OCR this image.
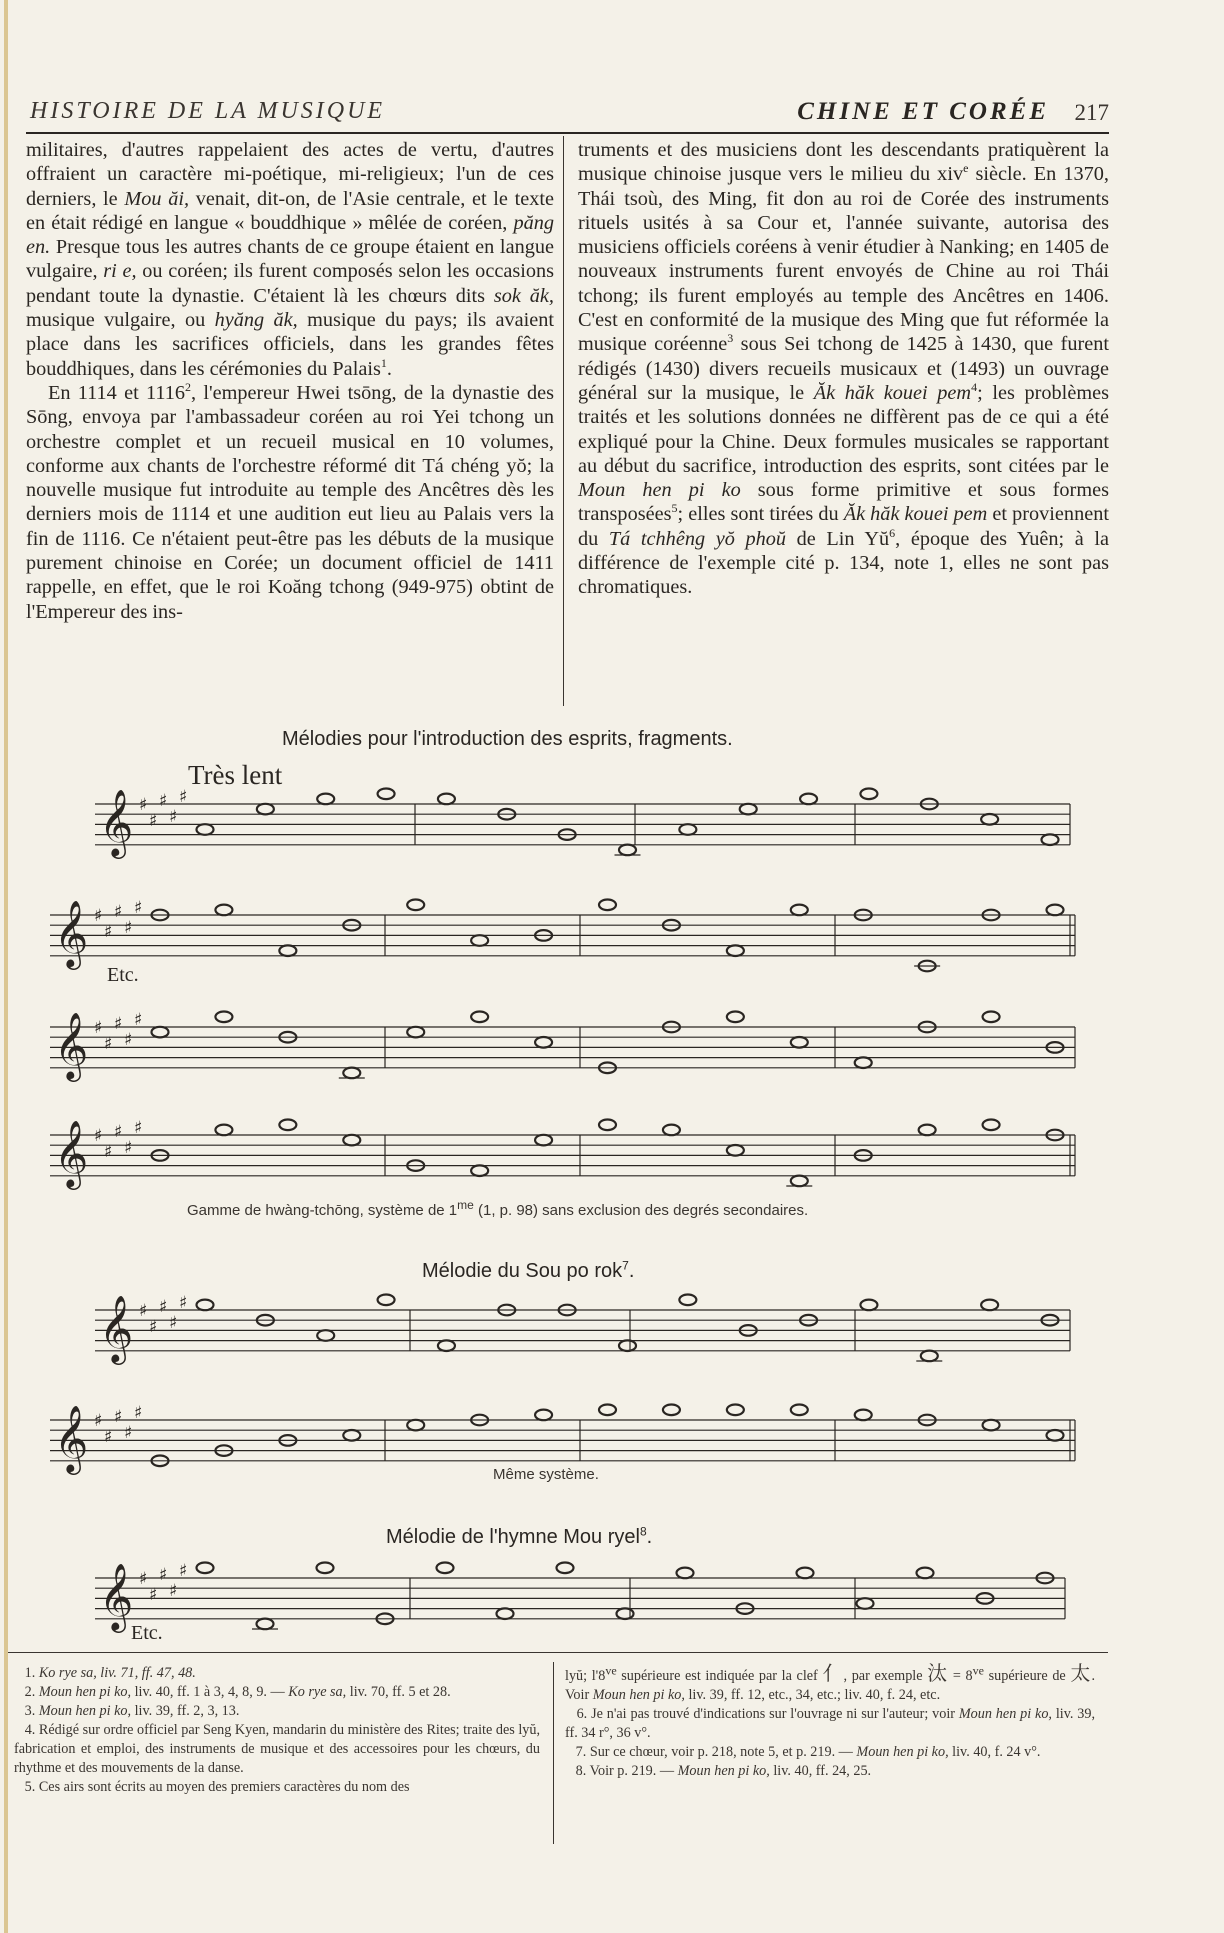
HISTOIRE DE LA MUSIQUE	CHINE ET CORÉE 217

militaires, d'autres rappelaient des actes de vertu, d'autres offraient un caractère mi-poétique, mi-religieux; l'un de ces derniers, le Mou ăi, venait, dit-on, de l'Asie centrale, et le texte en était rédigé en langue « bouddhique » mêlée de coréen, păng en. Presque tous les autres chants de ce groupe étaient en langue vulgaire, ri e, ou coréen; ils furent composés selon les occasions pendant toute la dynastie. C'étaient là les chœurs dits sok ăk, musique vulgaire, ou hyăng ăk, musique du pays; ils avaient place dans les sacrifices officiels, dans les grandes fêtes bouddhiques, dans les cérémonies du Palais$^1$.

En 1114 et 1116$^2$, l'empereur Hwei tsōng, de la dynastie des Sōng, envoya par l'ambassadeur coréen au roi Yei tchong un orchestre complet et un recueil musical en 10 volumes, conforme aux chants de l'orchestre réformé dit Tá chéng yŏ; la nouvelle musique fut introduite au temple des Ancêtres dès les derniers mois de 1114 et une audition eut lieu au Palais vers la fin de 1116. Ce n'étaient peut-être pas les débuts de la musique purement chinoise en Corée; un document officiel de 1411 rappelle, en effet, que le roi Koăng tchong (949-975) obtint de l'Empereur des ins-

truments et des musiciens dont les descendants pratiquèrent la musique chinoise jusque vers le milieu du xiv$^e$ siècle. En 1370, Thái tsoù, des Ming, fit don au roi de Corée des instruments rituels usités à sa Cour et, l'année suivante, autorisa des musiciens officiels coréens à venir étudier à Nanking; en 1405 de nouveaux instruments furent envoyés de Chine au roi Thái tchong; ils furent employés au temple des Ancêtres en 1406. C'est en conformité de la musique des Ming que fut réformée la musique coréenne$^3$ sous Sei tchong de 1425 à 1430, que furent rédigés (1430) divers recueils musicaux et (1493) un ouvrage général sur la musique, le Ăk hăk kouei pem$^4$; les problèmes traités et les solutions données ne diffèrent pas de ce qui a été expliqué pour la Chine. Deux formules musicales se rapportant au début du sacrifice, introduction des esprits, sont citées par le Moun hen pi ko sous forme primitive et sous formes transposées$^5$; elles sont tirées du Ăk hăk kouei pem et proviennent du Tá tchhêng yŏ phoŭ de Lin $Yŭ^6$, époque des Yuên; à la différence de l'exemple cité p. 134, note 1, elles ne sont pas chromatiques.

Mélodies pour l'introduction des esprits, fragments.
Très lent
Etc.
Gamme de hwàng-tchōng, système de $1^{me}$ (1, p. 98) sans exclusion des degrés secondaires.
Mélodie du Sou po rok$^7$.
Même système.
Mélodie de l'hymne Mou ryel$^8$.
Etc.
𝄞 ♯
♯
♯
♯
♯
𝄞 ♯
♯
♯
♯
♯
𝄞 ♯
♯
♯
♯
♯
𝄞 ♯
♯
♯
♯
♯
𝄞 ♯
♯
♯
♯
♯
𝄞 ♯
♯
♯
♯
♯
𝄞 ♯
♯
♯
♯
♯

1. Ko rye sa, liv. 71, ff. 47, 48.

2. Moun hen pi ko, liv. 40, ff. 1 à 3, 4, 8, 9. — Ko rye sa, liv. 70, ff. 5 et 28.

3. Moun hen pi ko, liv. 39, ff. 2, 3, 13.

4. Rédigé sur ordre officiel par Seng Kyen, mandarin du ministère des Rites; traite des lyŭ, fabrication et emploi, des instruments de musique et des accessoires pour les chœurs, du rhythme et des mouvements de la danse.

5. Ces airs sont écrits au moyen des premiers caractères du nom des

lyŭ; $l'8^{ve}$ supérieure est indiquée par la clef 亻, par exemple 汰 = $8^{ve}$ supérieure de 太. Voir Moun hen pi ko, liv. 39, ff. 12, etc., 34, etc.; liv. 40, f. 24, etc.

6. Je n'ai pas trouvé d'indications sur l'ouvrage ni sur l'auteur; voir Moun hen pi ko, liv. 39, ff. 34 r°, 36 v°.

7. Sur ce chœur, voir p. 218, note 5, et p. 219. — Moun hen pi ko, liv. 40, f. 24 v°.

8. Voir p. 219. — Moun hen pi ko, liv. 40, ff. 24, 25.
